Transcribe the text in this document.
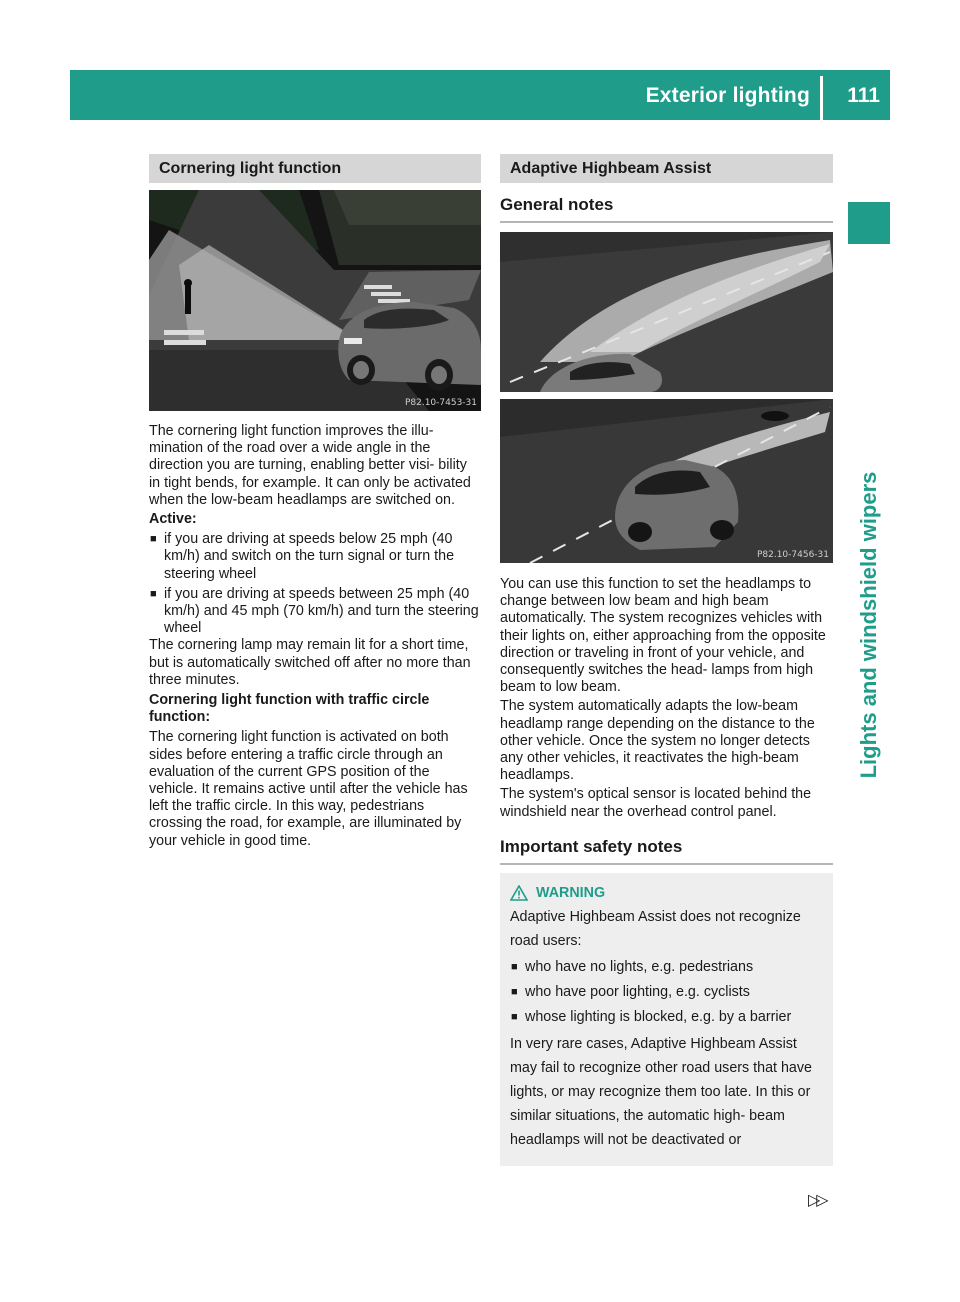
Exterior lighting 111
Lights and windshield wipers
Cornering light function
P82.10-7453-31

The cornering light function improves the illu- mination of the road over a wide angle in the direction you are turning, enabling better visi- bility in tight bends, for example. It can only be activated when the low-beam headlamps are switched on.

Active:

■ if you are driving at speeds below 25 mph (40 km/h) and switch on the turn signal or turn the steering wheel
■ if you are driving at speeds between 25 mph (40 km/h) and 45 mph (70 km/h) and turn the steering wheel

The cornering lamp may remain lit for a short time, but is automatically switched off after no more than three minutes.

Cornering light function with traffic circle function:

The cornering light function is activated on both sides before entering a traffic circle through an evaluation of the current GPS position of the vehicle. It remains active until after the vehicle has left the traffic circle. In this way, pedestrians crossing the road, for example, are illuminated by your vehicle in good time.

Adaptive Highbeam Assist
General notes
P82.10-7456-31

You can use this function to set the headlamps to change between low beam and high beam automatically. The system recognizes vehicles with their lights on, either approaching from the opposite direction or traveling in front of your vehicle, and consequently switches the head- lamps from high beam to low beam.

The system automatically adapts the low-beam headlamp range depending on the distance to the other vehicle. Once the system no longer detects any other vehicles, it reactivates the high-beam headlamps.

The system's optical sensor is located behind the windshield near the overhead control panel.

Important safety notes
WARNING

Adaptive Highbeam Assist does not recognize road users:

■ who have no lights, e.g. pedestrians
■ who have poor lighting, e.g. cyclists
■ whose lighting is blocked, e.g. by a barrier

In very rare cases, Adaptive Highbeam Assist may fail to recognize other road users that have lights, or may recognize them too late. In this or similar situations, the automatic high- beam headlamps will not be deactivated or

▷▷
